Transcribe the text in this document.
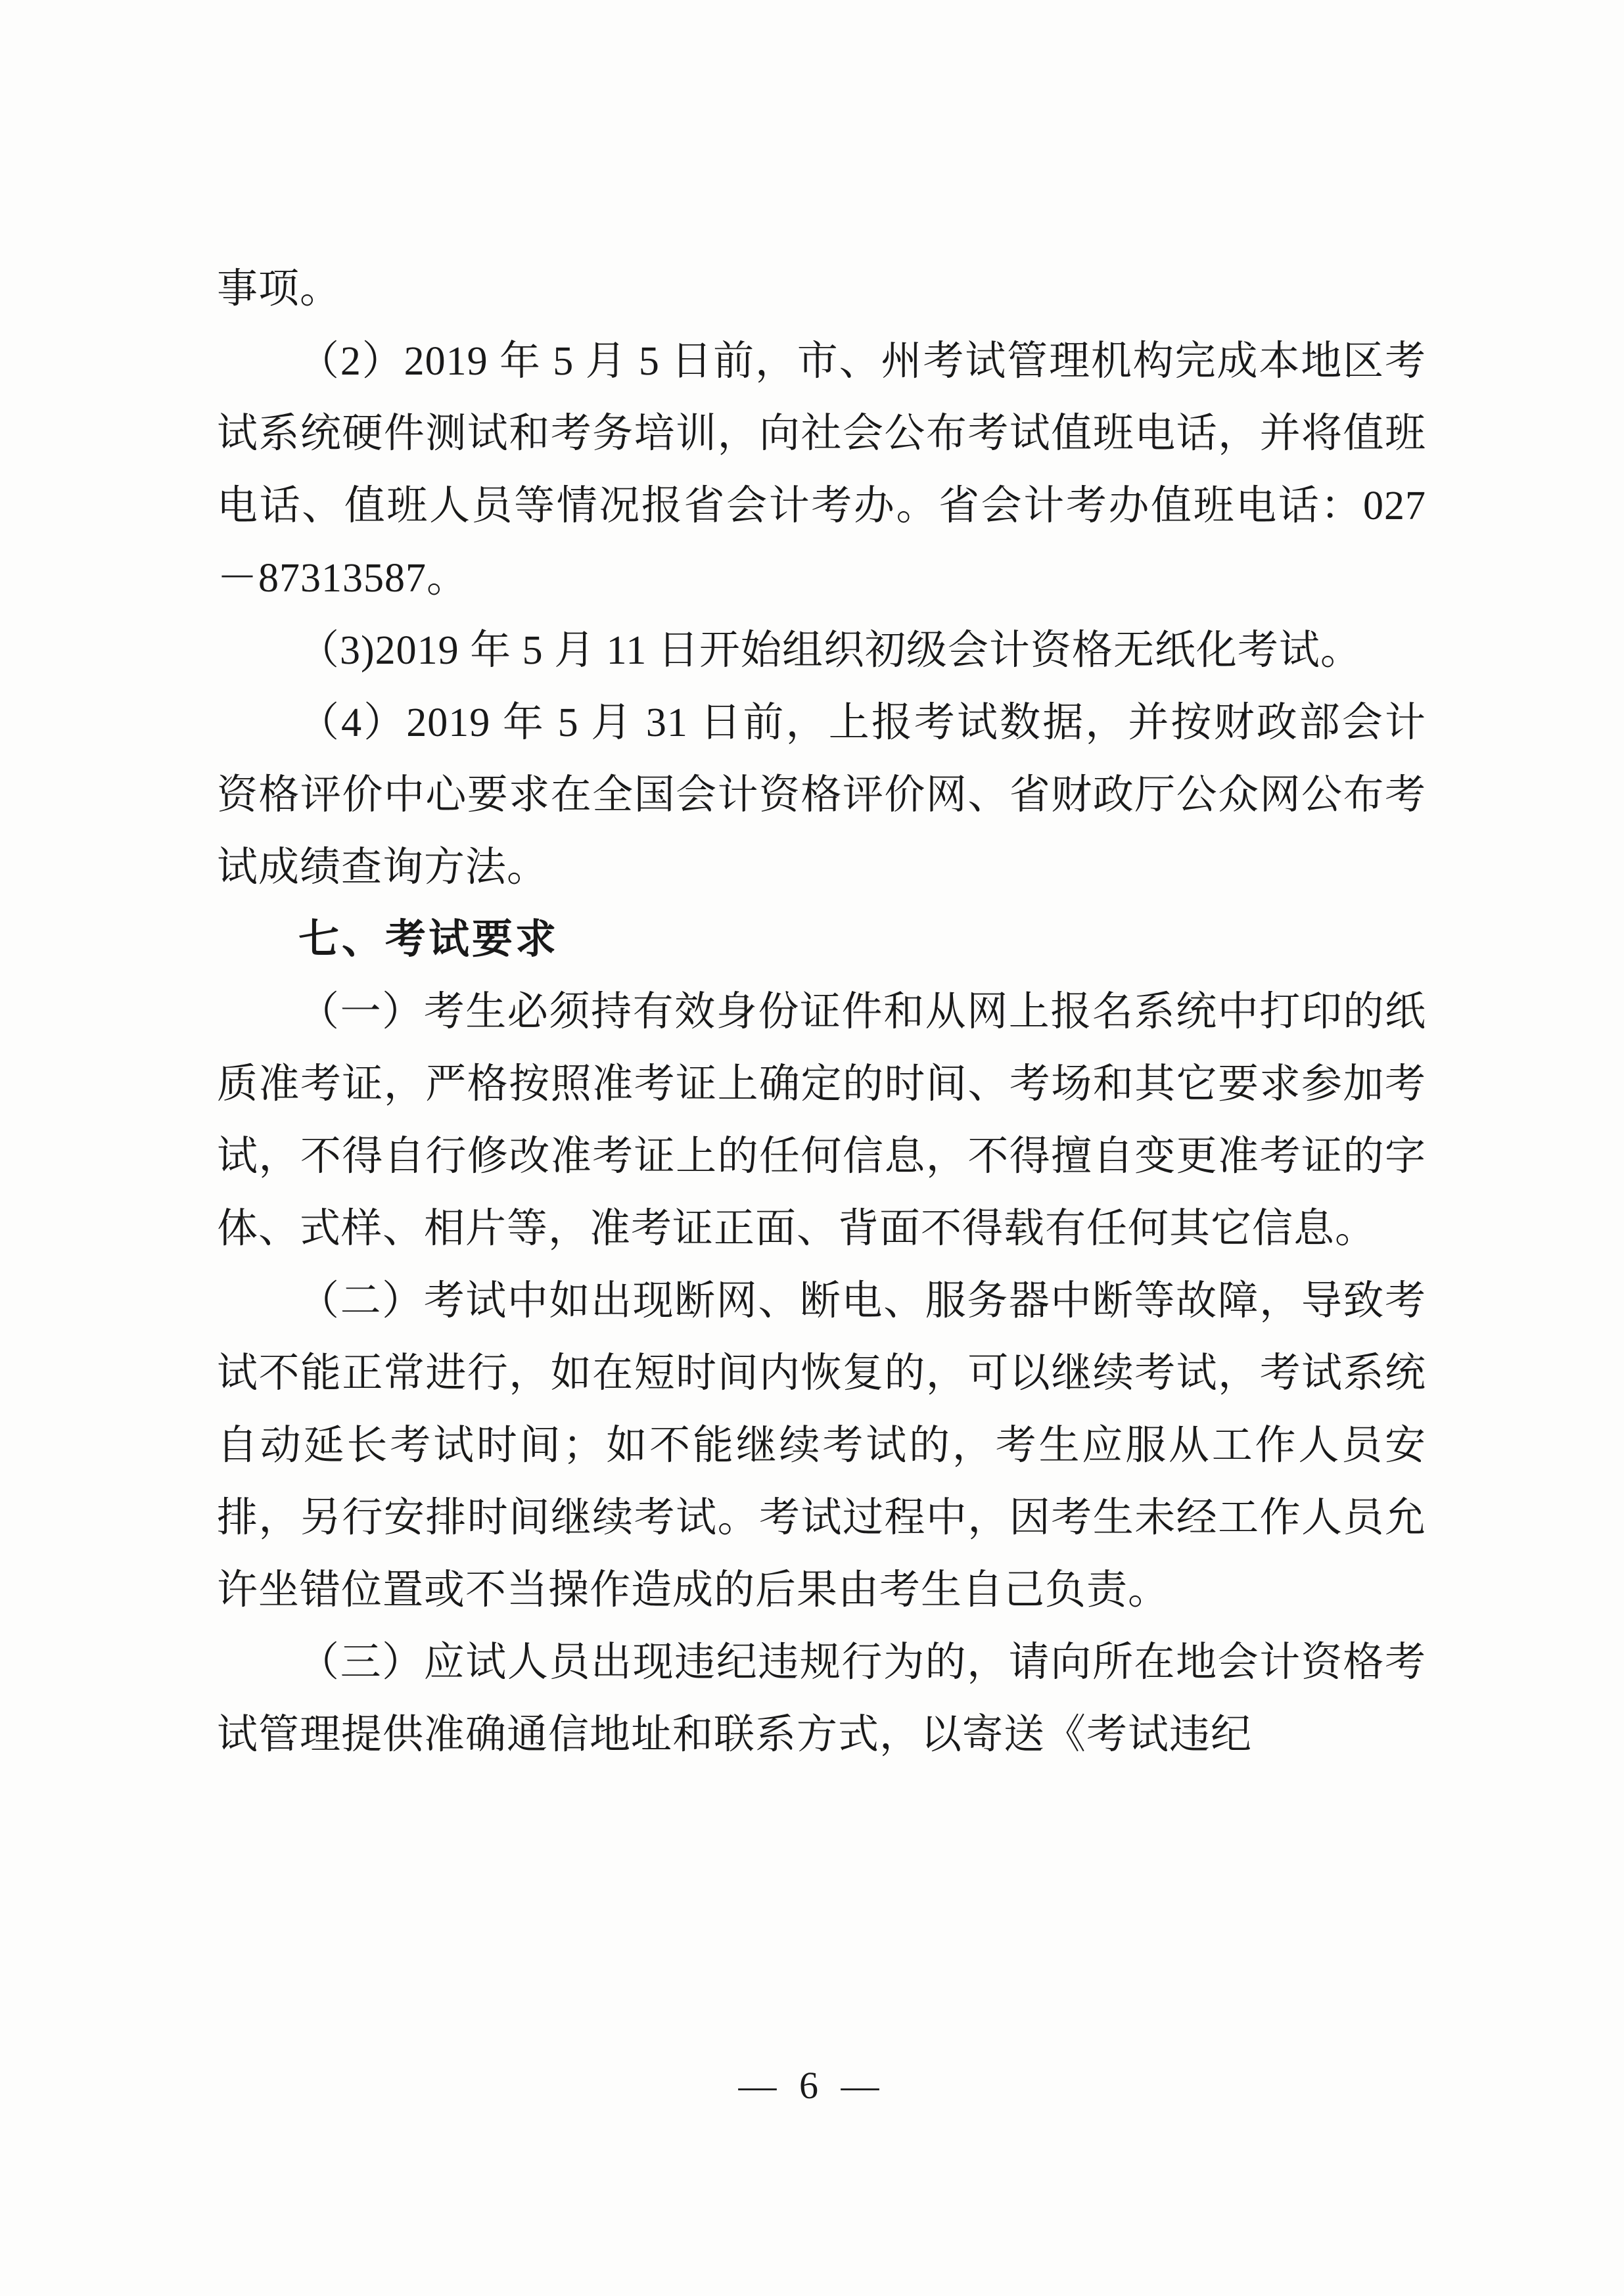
事项。

（2）2019 年 5 月 5 日前，市、州考试管理机构完成本地区考试系统硬件测试和考务培训，向社会公布考试值班电话，并将值班电话、值班人员等情况报省会计考办。省会计考办值班电话：027－87313587。

（3)2019 年 5 月 11 日开始组织初级会计资格无纸化考试。

（4）2019 年 5 月 31 日前，上报考试数据，并按财政部会计资格评价中心要求在全国会计资格评价网、省财政厅公众网公布考试成绩查询方法。

七、考试要求

（一）考生必须持有效身份证件和从网上报名系统中打印的纸质准考证，严格按照准考证上确定的时间、考场和其它要求参加考试，不得自行修改准考证上的任何信息，不得擅自变更准考证的字体、式样、相片等，准考证正面、背面不得载有任何其它信息。

（二）考试中如出现断网、断电、服务器中断等故障，导致考试不能正常进行，如在短时间内恢复的，可以继续考试，考试系统自动延长考试时间；如不能继续考试的，考生应服从工作人员安排，另行安排时间继续考试。考试过程中，因考生未经工作人员允许坐错位置或不当操作造成的后果由考生自己负责。

（三）应试人员出现违纪违规行为的，请向所在地会计资格考试管理提供准确通信地址和联系方式，以寄送《考试违纪

— 6 —
